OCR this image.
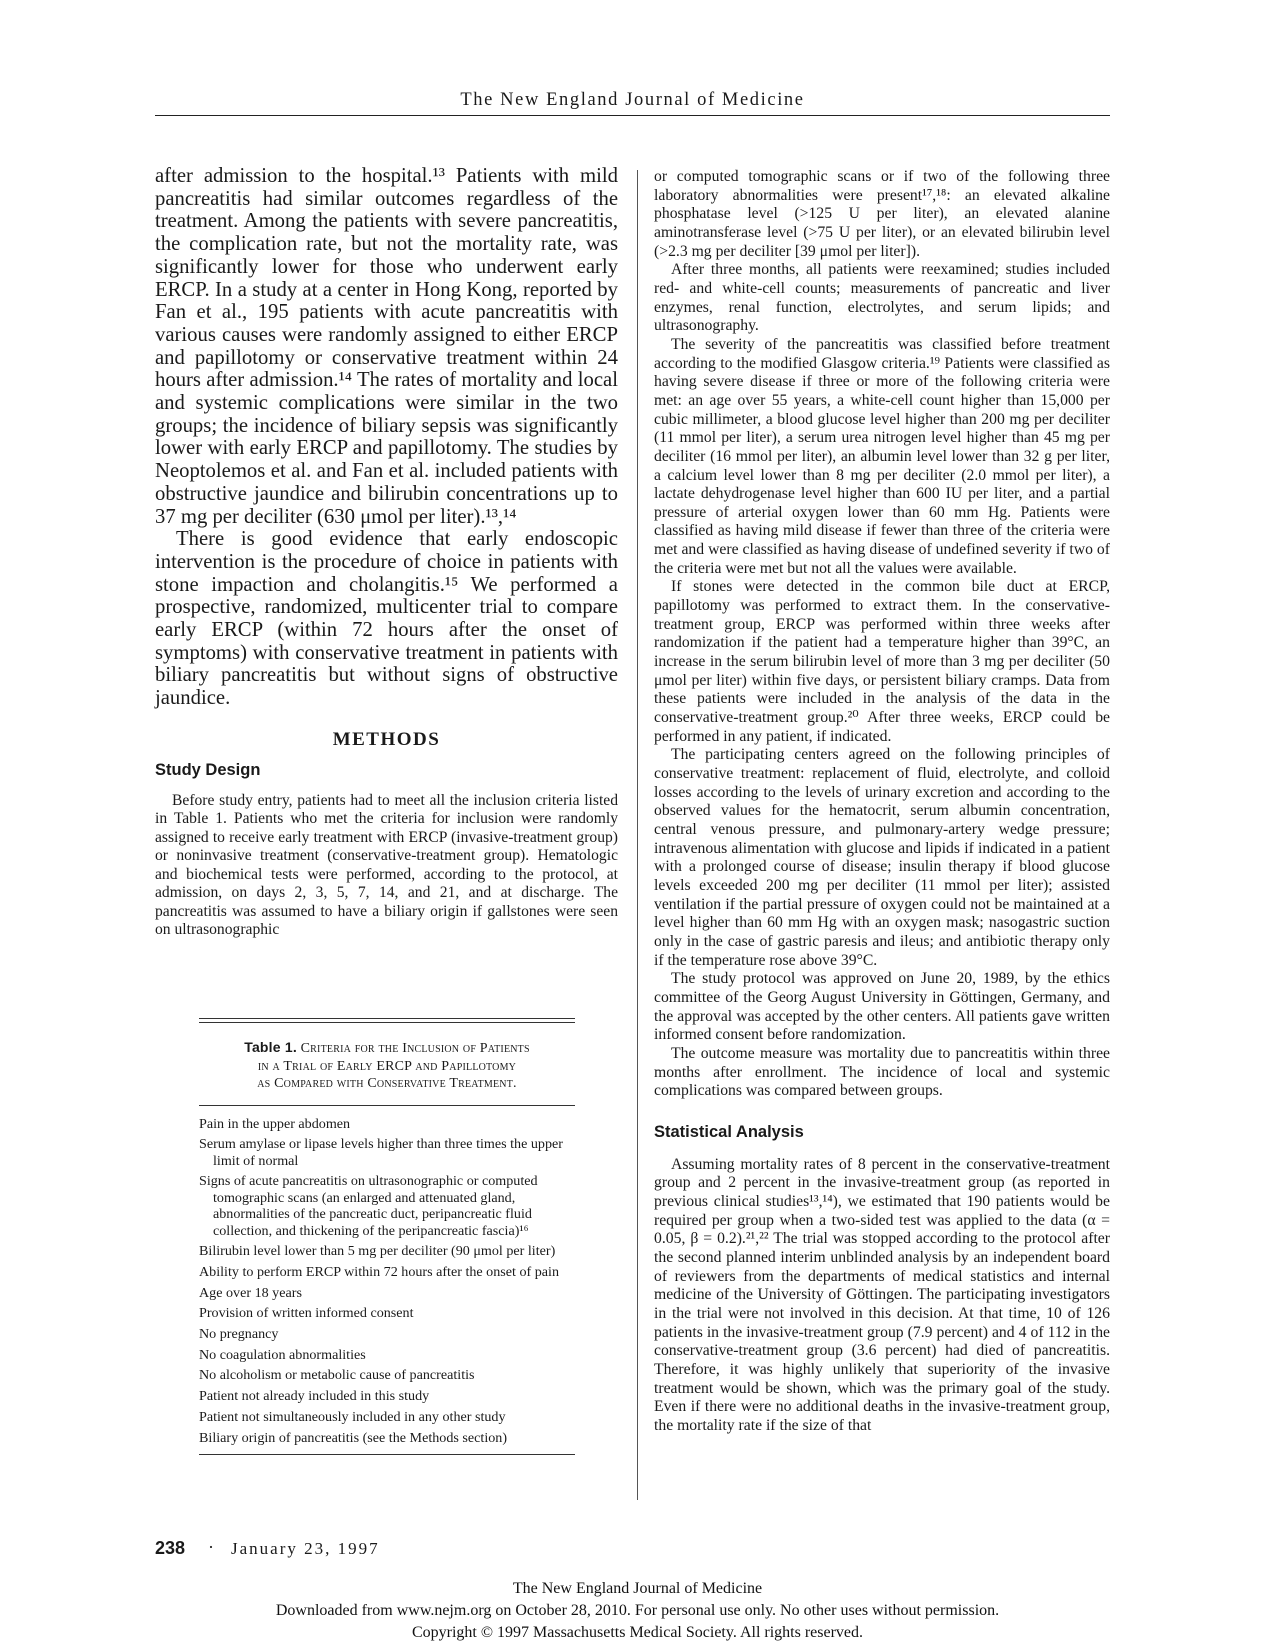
The New England Journal of Medicine

after admission to the hospital.¹³ Patients with mild pancreatitis had similar outcomes regardless of the treatment. Among the patients with severe pancreatitis, the complication rate, but not the mortality rate, was significantly lower for those who underwent early ERCP. In a study at a center in Hong Kong, reported by Fan et al., 195 patients with acute pancreatitis with various causes were randomly assigned to either ERCP and papillotomy or conservative treatment within 24 hours after admission.¹⁴ The rates of mortality and local and systemic complications were similar in the two groups; the incidence of biliary sepsis was significantly lower with early ERCP and papillotomy. The studies by Neoptolemos et al. and Fan et al. included patients with obstructive jaundice and bilirubin concentrations up to 37 mg per deciliter (630 μmol per liter).¹³,¹⁴

There is good evidence that early endoscopic intervention is the procedure of choice in patients with stone impaction and cholangitis.¹⁵ We performed a prospective, randomized, multicenter trial to compare early ERCP (within 72 hours after the onset of symptoms) with conservative treatment in patients with biliary pancreatitis but without signs of obstructive jaundice.

METHODS
Study Design

Before study entry, patients had to meet all the inclusion criteria listed in Table 1. Patients who met the criteria for inclusion were randomly assigned to receive early treatment with ERCP (invasive-treatment group) or noninvasive treatment (conservative-treatment group). Hematologic and biochemical tests were performed, according to the protocol, at admission, on days 2, 3, 5, 7, 14, and 21, and at discharge. The pancreatitis was assumed to have a biliary origin if gallstones were seen on ultrasonographic

Table 1. Criteria for the Inclusion of Patients
in a Trial of Early ERCP and Papillotomy
as Compared with Conservative Treatment.
Pain in the upper abdomen
Serum amylase or lipase levels higher than three times the upper limit of normal
Signs of acute pancreatitis on ultrasonographic or computed tomographic scans (an enlarged and attenuated gland, abnormalities of the pancreatic duct, peripancreatic fluid collection, and thickening of the peripancreatic fascia)¹⁶
Bilirubin level lower than 5 mg per deciliter (90 μmol per liter)
Ability to perform ERCP within 72 hours after the onset of pain
Age over 18 years
Provision of written informed consent
No pregnancy
No coagulation abnormalities
No alcoholism or metabolic cause of pancreatitis
Patient not already included in this study
Patient not simultaneously included in any other study
Biliary origin of pancreatitis (see the Methods section)

or computed tomographic scans or if two of the following three laboratory abnormalities were present¹⁷,¹⁸: an elevated alkaline phosphatase level (>125 U per liter), an elevated alanine aminotransferase level (>75 U per liter), or an elevated bilirubin level (>2.3 mg per deciliter [39 μmol per liter]).

After three months, all patients were reexamined; studies included red- and white-cell counts; measurements of pancreatic and liver enzymes, renal function, electrolytes, and serum lipids; and ultrasonography.

The severity of the pancreatitis was classified before treatment according to the modified Glasgow criteria.¹⁹ Patients were classified as having severe disease if three or more of the following criteria were met: an age over 55 years, a white-cell count higher than 15,000 per cubic millimeter, a blood glucose level higher than 200 mg per deciliter (11 mmol per liter), a serum urea nitrogen level higher than 45 mg per deciliter (16 mmol per liter), an albumin level lower than 32 g per liter, a calcium level lower than 8 mg per deciliter (2.0 mmol per liter), a lactate dehydrogenase level higher than 600 IU per liter, and a partial pressure of arterial oxygen lower than 60 mm Hg. Patients were classified as having mild disease if fewer than three of the criteria were met and were classified as having disease of undefined severity if two of the criteria were met but not all the values were available.

If stones were detected in the common bile duct at ERCP, papillotomy was performed to extract them. In the conservative-treatment group, ERCP was performed within three weeks after randomization if the patient had a temperature higher than 39°C, an increase in the serum bilirubin level of more than 3 mg per deciliter (50 μmol per liter) within five days, or persistent biliary cramps. Data from these patients were included in the analysis of the data in the conservative-treatment group.²⁰ After three weeks, ERCP could be performed in any patient, if indicated.

The participating centers agreed on the following principles of conservative treatment: replacement of fluid, electrolyte, and colloid losses according to the levels of urinary excretion and according to the observed values for the hematocrit, serum albumin concentration, central venous pressure, and pulmonary-artery wedge pressure; intravenous alimentation with glucose and lipids if indicated in a patient with a prolonged course of disease; insulin therapy if blood glucose levels exceeded 200 mg per deciliter (11 mmol per liter); assisted ventilation if the partial pressure of oxygen could not be maintained at a level higher than 60 mm Hg with an oxygen mask; nasogastric suction only in the case of gastric paresis and ileus; and antibiotic therapy only if the temperature rose above 39°C.

The study protocol was approved on June 20, 1989, by the ethics committee of the Georg August University in Göttingen, Germany, and the approval was accepted by the other centers. All patients gave written informed consent before randomization.

The outcome measure was mortality due to pancreatitis within three months after enrollment. The incidence of local and systemic complications was compared between groups.

Statistical Analysis

Assuming mortality rates of 8 percent in the conservative-treatment group and 2 percent in the invasive-treatment group (as reported in previous clinical studies¹³,¹⁴), we estimated that 190 patients would be required per group when a two-sided test was applied to the data (α = 0.05, β = 0.2).²¹,²² The trial was stopped according to the protocol after the second planned interim unblinded analysis by an independent board of reviewers from the departments of medical statistics and internal medicine of the University of Göttingen. The participating investigators in the trial were not involved in this decision. At that time, 10 of 126 patients in the invasive-treatment group (7.9 percent) and 4 of 112 in the conservative-treatment group (3.6 percent) had died of pancreatitis. Therefore, it was highly unlikely that superiority of the invasive treatment would be shown, which was the primary goal of the study. Even if there were no additional deaths in the invasive-treatment group, the mortality rate if the size of that

238 · January 23, 1997
The New England Journal of Medicine
Downloaded from www.nejm.org on October 28, 2010. For personal use only. No other uses without permission.
Copyright © 1997 Massachusetts Medical Society. All rights reserved.
